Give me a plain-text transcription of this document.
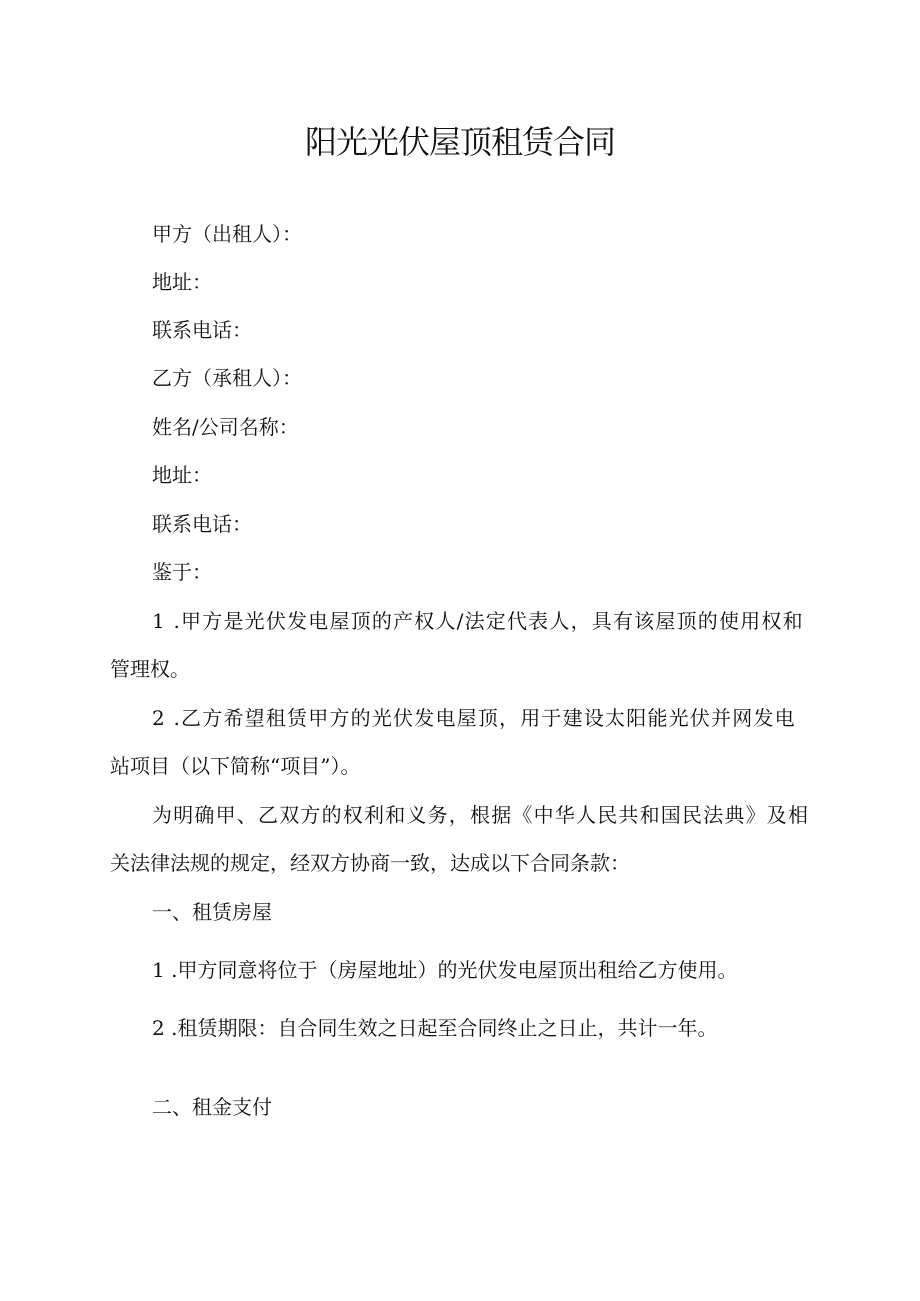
阳光光伏屋顶租赁合同

甲方（出租人）：

地址：

联系电话：

乙方（承租人）：

姓名/公司名称：

地址：

联系电话：

鉴于：

1 .甲方是光伏发电屋顶的产权人/法定代表人，具有该屋顶的使用权和

管理权。

2 .乙方希望租赁甲方的光伏发电屋顶，用于建设太阳能光伏并网发电

站项目（以下简称“项目”）。

为明确甲、乙双方的权利和义务，根据《中华人民共和国民法典》及相

关法律法规的规定，经双方协商一致，达成以下合同条款：

一、租赁房屋

1 .甲方同意将位于（房屋地址）的光伏发电屋顶出租给乙方使用。

2 .租赁期限：自合同生效之日起至合同终止之日止，共计一年。

二、租金支付
